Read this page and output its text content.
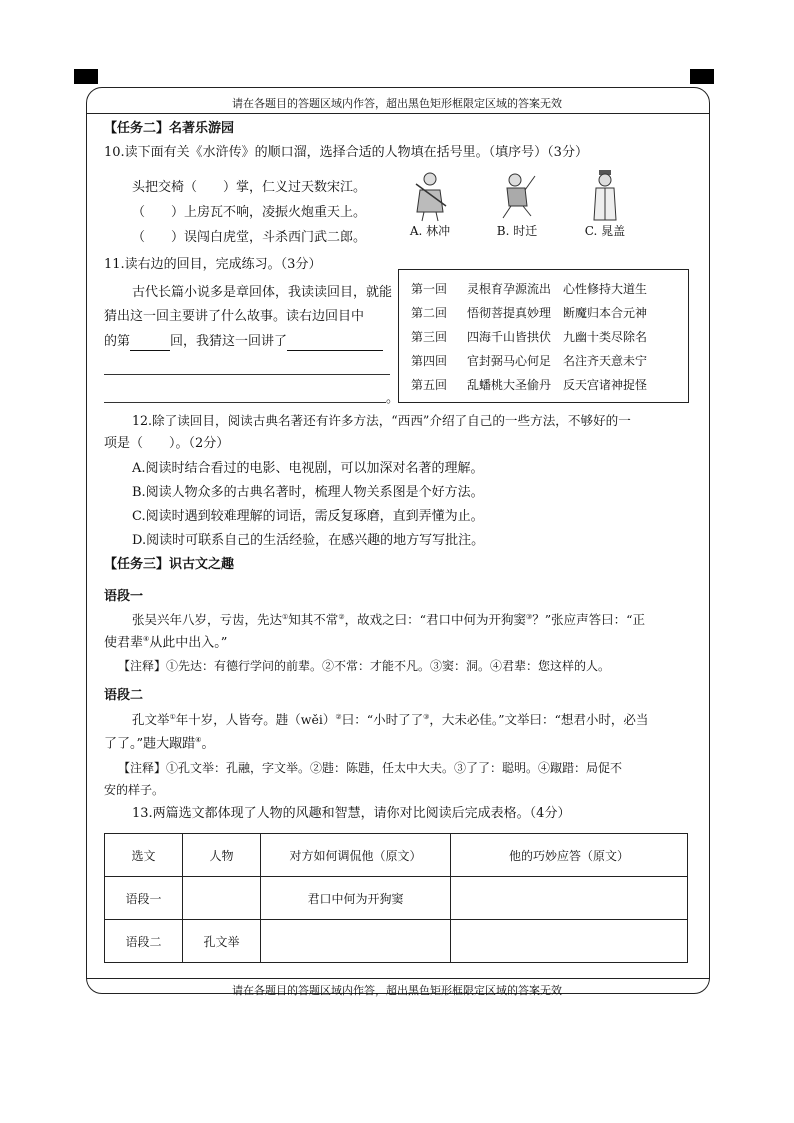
请在各题目的答题区域内作答，超出黑色矩形框限定区域的答案无效
【任务二】名著乐游园
10.读下面有关《水浒传》的顺口溜，选择合适的人物填在括号里。（填序号）（3分）
头把交椅（　　）掌，仁义过天数宋江。
（　　）上房瓦不响，凌振火炮重天上。
（　　）误闯白虎堂，斗杀西门武二郎。	A. 林冲	B. 时迁	C. 晁盖
11.读右边的回目，完成练习。（3分）
古代长篇小说多是章回体，我读读回目，就能
猜出这一回主要讲了什么故事。读右边回目中
的第	回，我猜这一回讲了
。
第一回 灵根育孕源流出　心性修持大道生
第二回 悟彻菩提真妙理　断魔归本合元神
第三回 四海千山皆拱伏　九幽十类尽除名
第四回 官封弼马心何足　名注齐天意未宁
第五回 乱蟠桃大圣偷丹　反天宫诸神捉怪
12.除了读回目，阅读古典名著还有许多方法，“西西”介绍了自己的一些方法，不够好的一
项是（　　）。（2分）
A.阅读时结合看过的电影、电视剧，可以加深对名著的理解。
B.阅读人物众多的古典名著时，梳理人物关系图是个好方法。
C.阅读时遇到较难理解的词语，需反复琢磨，直到弄懂为止。
D.阅读时可联系自己的生活经验，在感兴趣的地方写写批注。
【任务三】识古文之趣
语段一
张吴兴年八岁，亏齿，先达①知其不常②，故戏之曰：“君口中何为开狗窦③？”张应声答曰：“正
使君辈④从此中出入。”
【注释】①先达：有德行学问的前辈。②不常：才能不凡。③窦：洞。④君辈：您这样的人。
语段二
孔文举①年十岁，人皆夸。韪（wěi）②曰：“小时了了③，大未必佳。”文举曰：“想君小时，必当
了了。”韪大踧踖④。
【注释】①孔文举：孔融，字文举。②韪：陈韪，任太中大夫。③了了：聪明。④踧踖：局促不
安的样子。
13.两篇选文都体现了人物的风趣和智慧，请你对比阅读后完成表格。（4分）
选文	人物	对方如何调侃他（原文）	他的巧妙应答（原文）
语段一		君口中何为开狗窦	
语段二	孔文举		
请在各题目的答题区域内作答，超出黑色矩形框限定区域的答案无效
